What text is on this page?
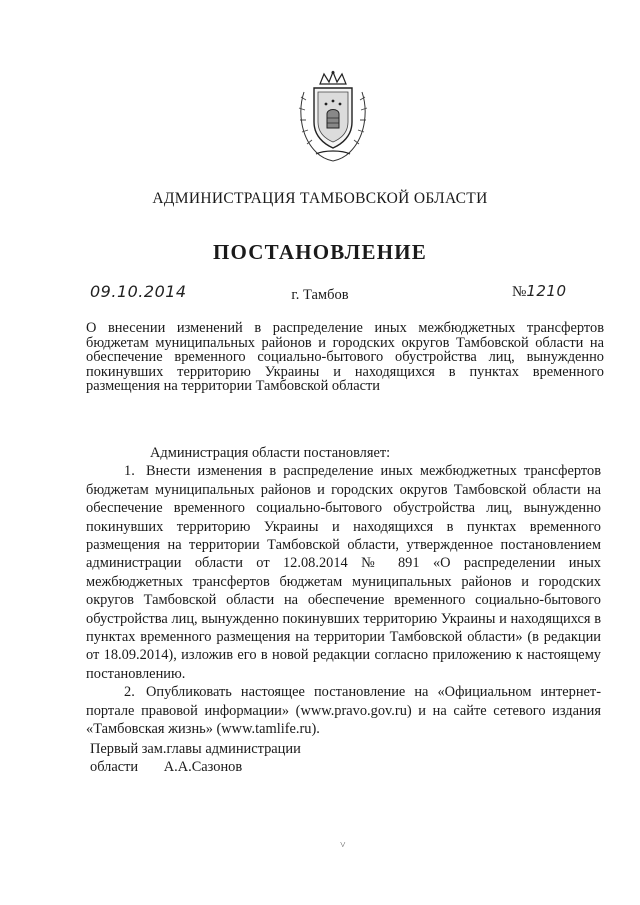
АДМИНИСТРАЦИЯ ТАМБОВСКОЙ ОБЛАСТИ
ПОСТАНОВЛЕНИЕ
09.10.2014	г. Тамбов	№1210
О внесении изменений в распределение иных межбюджетных трансфертов бюджетам муниципальных районов и городских округов Тамбовской области на обеспечение временного социально-бытового обустройства лиц, вынужденно покинувших территорию Украины и находящихся в пунктах временного размещения на территории Тамбовской области

Администрация области постановляет:

1. Внести изменения в распределение иных межбюджетных трансфертов бюджетам муниципальных районов и городских округов Тамбовской области на обеспечение временного социально-бытового обустройства лиц, вынужденно покинувших территорию Украины и находящихся в пунктах временного размещения на территории Тамбовской области, утвержденное постановлением администрации области от 12.08.2014 № 891 «О распределении иных межбюджетных трансфертов бюджетам муниципальных районов и городских округов Тамбовской области на обеспечение временного социально-бытового обустройства лиц, вынужденно покинувших территорию Украины и находящихся в пунктах временного размещения на территории Тамбовской области» (в редакции от 18.09.2014), изложив его в новой редакции согласно приложению к настоящему постановлению.

2. Опубликовать настоящее постановление на «Официальном интернет-портале правовой информации» (www.pravo.gov.ru) и на сайте сетевого издания «Тамбовская жизнь» (www.tamlife.ru).

Первый зам.главы администрации
области А.А.Сазонов
˅
